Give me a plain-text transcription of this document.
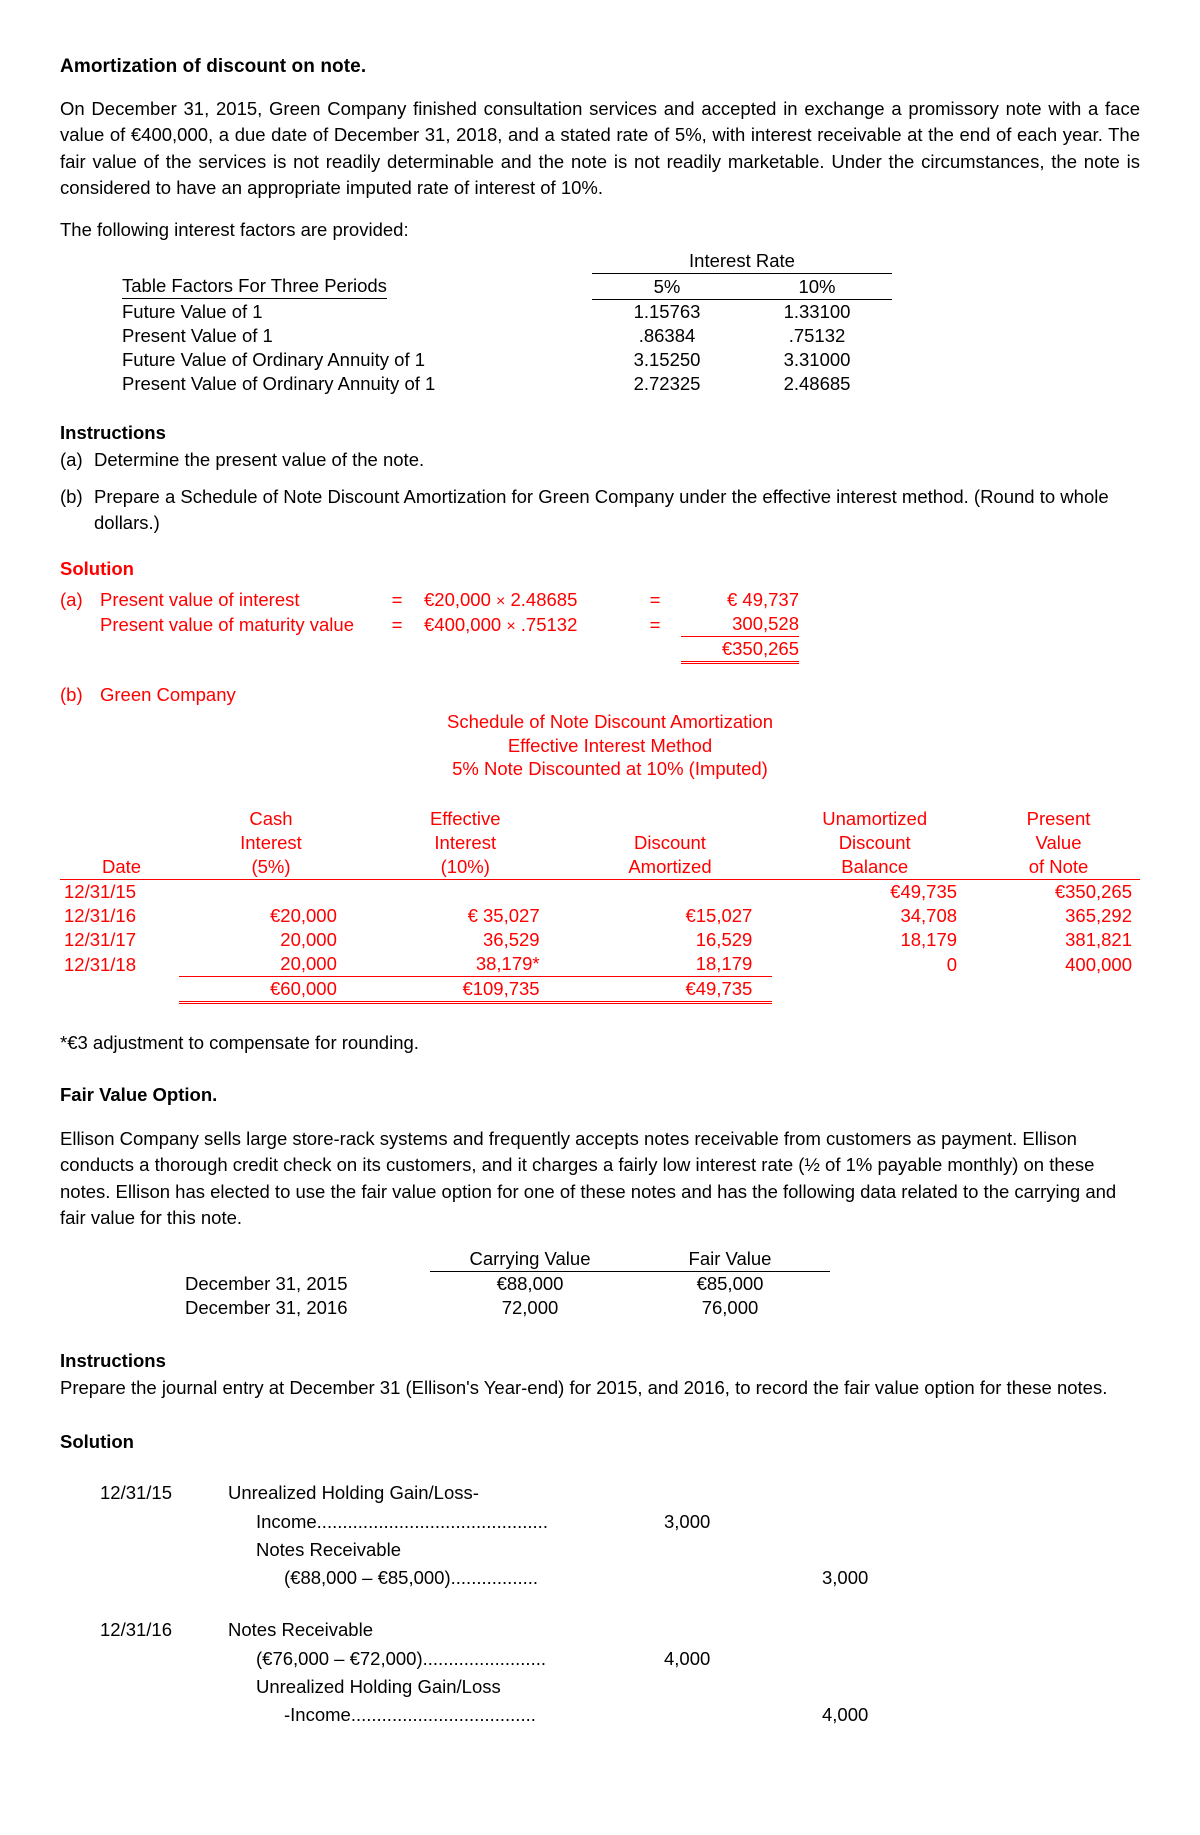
Amortization of discount on note.

On December 31, 2015, Green Company finished consultation services and accepted in exchange a promissory note with a face value of €400,000, a due date of December 31, 2018, and a stated rate of 5%, with interest receivable at the end of each year. The fair value of the services is not readily determinable and the note is not readily marketable. Under the circumstances, the note is considered to have an appropriate imputed rate of interest of 10%.

The following interest factors are provided:

	Interest Rate	
Table Factors For Three Periods	5%	10%
Future Value of 1	1.15763	1.33100
Present Value of 1	.86384	.75132
Future Value of Ordinary Annuity of 1	3.15250	3.31000
Present Value of Ordinary Annuity of 1	2.72325	2.48685
Instructions
(a) Determine the present value of the note.
(b) Prepare a Schedule of Note Discount Amortization for Green Company under the effective interest method. (Round to whole dollars.)
Solution
(a)	Present value of interest	=	€20,000 × 2.48685	=	€ 49,737
	Present value of maturity value	=	€400,000 × .75132	=	300,528
					€350,265
(b) Green Company
Schedule of Note Discount Amortization
Effective Interest Method
5% Note Discounted at 10% (Imputed)
	Cash	Effective		Unamortized	Present
	Interest	Interest	Discount	Discount	Value
Date	(5%)	(10%)	Amortized	Balance	of Note
12/31/15				€49,735	€350,265
12/31/16	€20,000	€ 35,027	€15,027	34,708	365,292
12/31/17	20,000	36,529	16,529	18,179	381,821
12/31/18	20,000	38,179*	18,179	0	400,000
	€60,000	€109,735	€49,735		
*€3 adjustment to compensate for rounding.
Fair Value Option.

Ellison Company sells large store-rack systems and frequently accepts notes receivable from customers as payment. Ellison conducts a thorough credit check on its customers, and it charges a fairly low interest rate (½ of 1% payable monthly) on these notes. Ellison has elected to use the fair value option for one of these notes and has the following data related to the carrying and fair value for this note.

	Carrying Value	Fair Value
December 31, 2015	€88,000	€85,000
December 31, 2016	72,000	76,000
Instructions

Prepare the journal entry at December 31 (Ellison's Year-end) for 2015, and 2016, to record the fair value option for these notes.

Solution
12/31/15	Unrealized Holding Gain/Loss-		
	Income.............................................	3,000	
	Notes Receivable		
	(€88,000 – €85,000).................		3,000

12/31/16	Notes Receivable		
	(€76,000 – €72,000)........................	4,000	
	Unrealized Holding Gain/Loss		
	-Income....................................		4,000
